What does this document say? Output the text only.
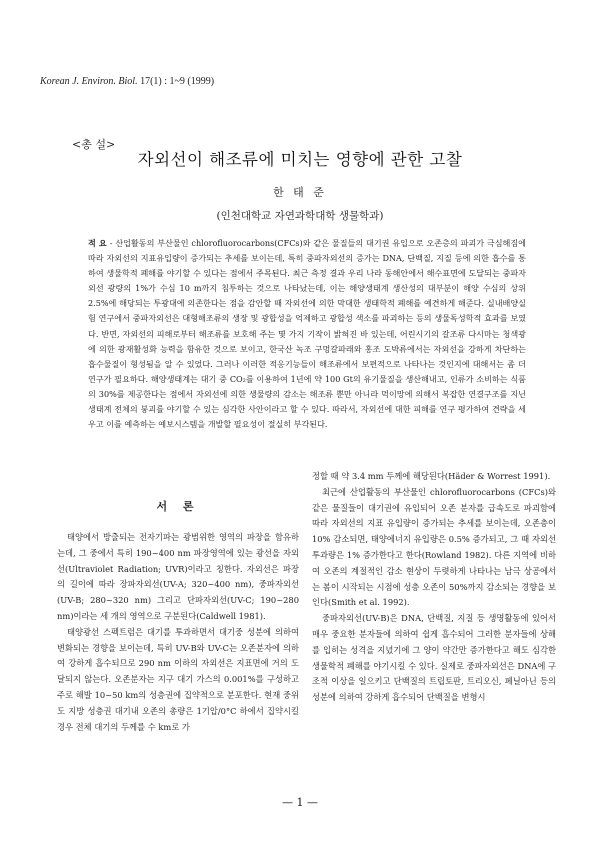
Korean J. Environ. Biol. 17(1) : 1~9 (1999)
<총 설>
자외선이 해조류에 미치는 영향에 관한 고찰
한 태 준
(인천대학교 자연과학대학 생물학과)
적 요 - 산업활동의 부산물인 chlorofluorocarbons(CFCs)와 같은 물질들의 대기권 유입으로 오존층의 파괴가 극심해짐에 따라 자외선의 지표유입량이 증가되는 추세를 보이는데, 특히 중파자외선의 증가는 DNA, 단백질, 지질 등에 의한 흡수를 통하여 생물학적 폐해를 야기할 수 있다는 점에서 주목된다. 최근 측정 결과 우리 나라 동해안에서 해수표면에 도달되는 중파자외선 광량의 1%가 수심 10 m까지 침투하는 것으로 나타났는데, 이는 해양생태계 생산성의 대부분이 해양 수심의 상위 2.5%에 해당되는 투광대에 의존한다는 점을 감안할 때 자외선에 의한 막대한 생태학적 폐해를 예견하게 해준다. 실내배양실험 연구에서 중파자외선은 대형해조류의 생장 및 광합성을 억제하고 광합성 색소를 파괴하는 등의 생물독성학적 효과를 보였다. 반면, 자외선의 피해로부터 해조류를 보호해 주는 몇 가지 기작이 밝혀진 바 있는데, 어린시기의 갈조류 다시마는 청색광에 의한 광재활성화 능력을 함유한 것으로 보이고, 한국산 녹조 구멍갈파래와 홍조 도박류에서는 자외선을 강하게 차단하는 흡수물질이 형성됨을 알 수 있었다. 그러나 이러한 적응기능들이 해조류에서 보편적으로 나타나는 것인지에 대해서는 좀 더 연구가 필요하다. 해양생태계는 대기 중 CO₂를 이용하여 1년에 약 100 Gt의 유기물질을 생산해내고, 인류가 소비하는 식품의 30%를 제공한다는 점에서 자외선에 의한 생물량의 감소는 해조류 뿐만 아니라 먹이망에 의해서 복잡한 연결구조를 지닌 생태계 전체의 붕괴를 야기할 수 있는 심각한 사안이라고 할 수 있다. 따라서, 자외선에 대한 피해를 연구 평가하여 견략을 세우고 이를 예측하는 예보시스템을 개발할 필요성이 절실히 부각된다.
서 론

태양에서 방출되는 전자기파는 광범위한 영역의 파장을 함유하는데, 그 중에서 특히 190~400 nm 파장영역에 있는 광선을 자외선(Ultraviolet Radiation; UVR)이라고 칭한다. 자외선은 파장의 길이에 따라 장파자외선(UV-A; 320~400 nm), 중파자외선(UV-B; 280~320 nm) 그리고 단파자외선(UV-C; 190~280 nm)이라는 세 개의 영역으로 구분된다(Caldwell 1981).

태양광선 스펙트럼은 대기를 투과하면서 대기중 성분에 의하여 변화되는 경향을 보이는데, 특히 UV-B와 UV-C는 오존분자에 의하여 강하게 흡수되므로 290 nm 이하의 자외선은 지표면에 거의 도달되지 않는다. 오존분자는 지구 대기 가스의 0.001%를 구성하고 주로 해발 10~50 km의 성층권에 집약적으로 분포한다. 현재 중위도 지방 성층권 대기내 오존의 총량은 1기압/0°C 하에서 집약시킬 경우 전체 대기의 두께를 수 km로 가

정할 때 약 3.4 mm 두께에 해당된다(Häder & Worrest 1991).

최근에 산업활동의 부산물인 chlorofluorocarbons (CFCs)와 같은 물질들이 대기권에 유입되어 오존 분자를 급속도로 파괴함에 따라 자외선의 지표 유입량이 증가되는 추세를 보이는데, 오존층이 10% 감소되면, 태양에너지 유입량은 0.5% 증가되고, 그 때 자외선 투과량은 1% 증가한다고 한다(Rowland 1982). 다른 지역에 비하여 오존의 계절적인 감소 현상이 두렷하게 나타나는 남극 상공에서는 봄이 시작되는 시점에 성층 오존이 50%까지 감소되는 경향을 보인다(Smith et al. 1992).

중파자외선(UV-B)은 DNA, 단백질, 지질 등 생명활동에 있어서 매우 중요한 분자들에 의하여 쉽게 흡수되어 그러한 분자들에 상해를 입히는 성격을 지녔기에 그 양이 약간만 증가한다고 해도 심각한 생물학적 폐해를 야기시킬 수 있다. 실제로 중파자외선은 DNA에 구조적 이상을 일으키고 단백질의 트립토판, 트리오신, 페닐아닌 등의 성분에 의하여 강하게 흡수되어 단백질을 변형시

— 1 —
